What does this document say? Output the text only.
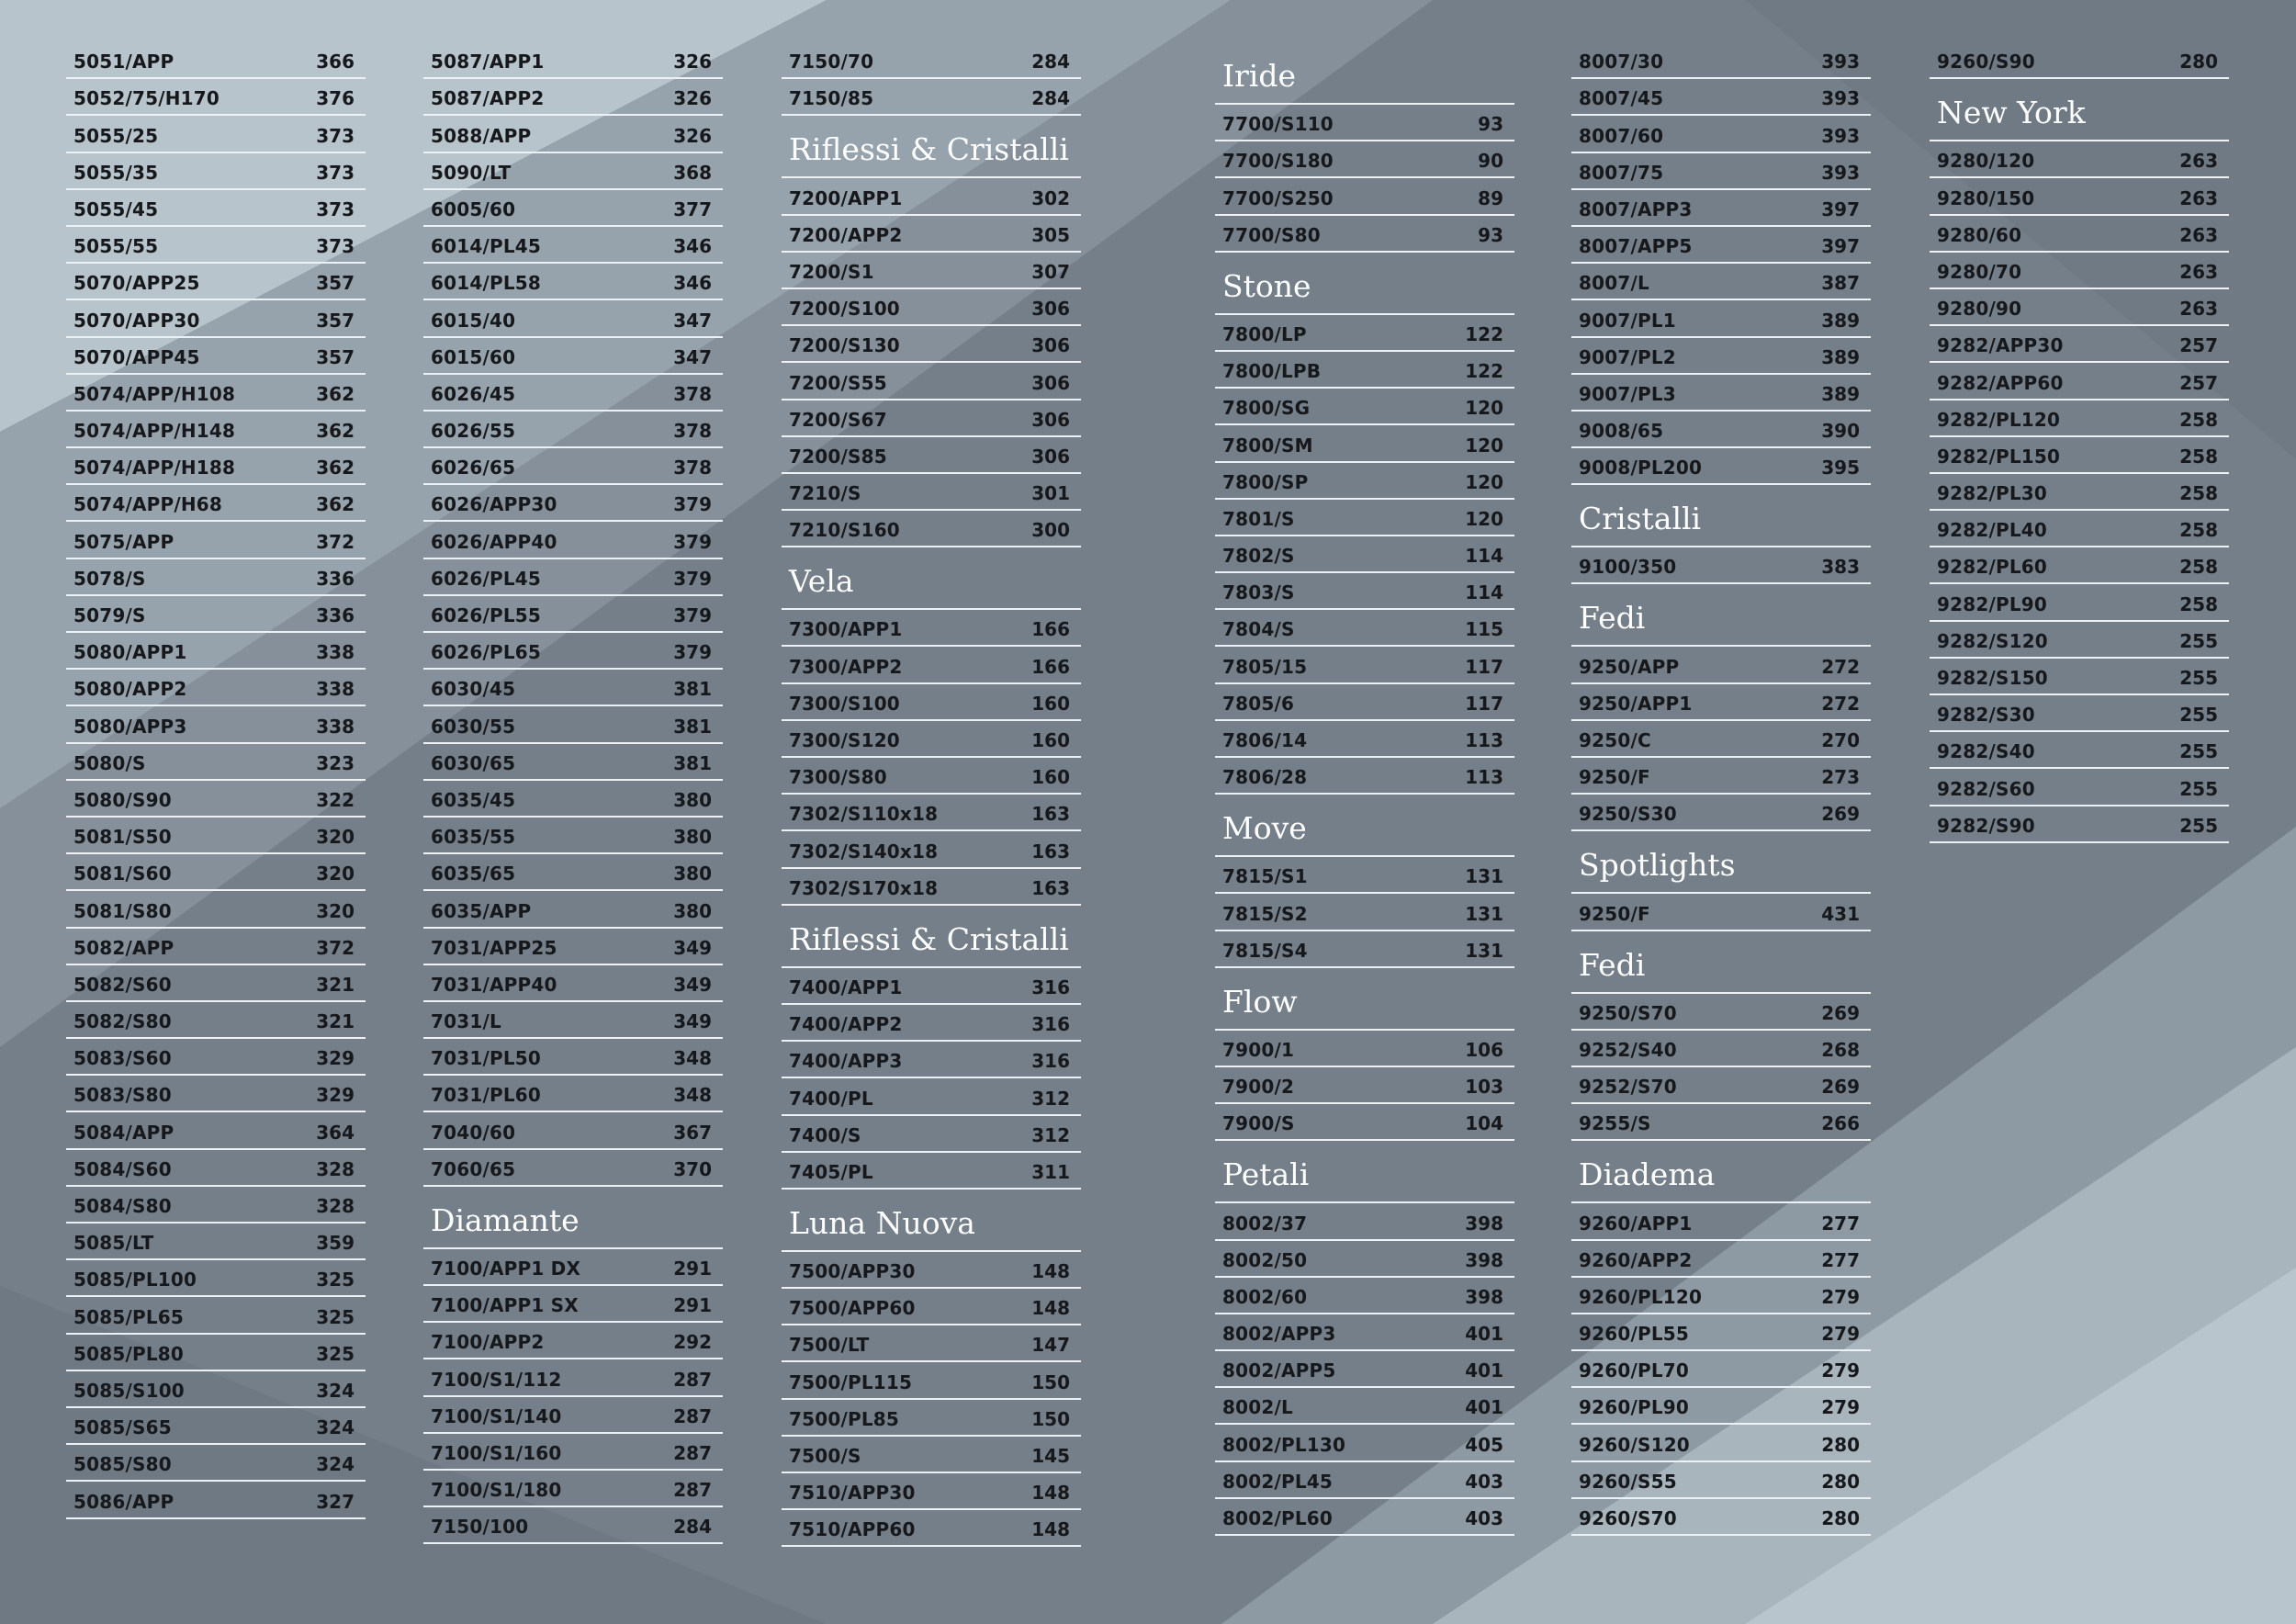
5051/APP	366
5052/75/H170	376
5055/25	373
5055/35	373
5055/45	373
5055/55	373
5070/APP25	357
5070/APP30	357
5070/APP45	357
5074/APP/H108	362
5074/APP/H148	362
5074/APP/H188	362
5074/APP/H68	362
5075/APP	372
5078/S	336
5079/S	336
5080/APP1	338
5080/APP2	338
5080/APP3	338
5080/S	323
5080/S90	322
5081/S50	320
5081/S60	320
5081/S80	320
5082/APP	372
5082/S60	321
5082/S80	321
5083/S60	329
5083/S80	329
5084/APP	364
5084/S60	328
5084/S80	328
5085/LT	359
5085/PL100	325
5085/PL65	325
5085/PL80	325
5085/S100	324
5085/S65	324
5085/S80	324
5086/APP	327
5087/APP1	326
5087/APP2	326
5088/APP	326
5090/LT	368
6005/60	377
6014/PL45	346
6014/PL58	346
6015/40	347
6015/60	347
6026/45	378
6026/55	378
6026/65	378
6026/APP30	379
6026/APP40	379
6026/PL45	379
6026/PL55	379
6026/PL65	379
6030/45	381
6030/55	381
6030/65	381
6035/45	380
6035/55	380
6035/65	380
6035/APP	380
7031/APP25	349
7031/APP40	349
7031/L	349
7031/PL50	348
7031/PL60	348
7040/60	367
7060/65	370
Diamante
7100/APP1 DX	291
7100/APP1 SX	291
7100/APP2	292
7100/S1/112	287
7100/S1/140	287
7100/S1/160	287
7100/S1/180	287
7150/100	284
7150/70	284
7150/85	284
Riflessi & Cristalli
7200/APP1	302
7200/APP2	305
7200/S1	307
7200/S100	306
7200/S130	306
7200/S55	306
7200/S67	306
7200/S85	306
7210/S	301
7210/S160	300
Vela
7300/APP1	166
7300/APP2	166
7300/S100	160
7300/S120	160
7300/S80	160
7302/S110x18	163
7302/S140x18	163
7302/S170x18	163
Riflessi & Cristalli
7400/APP1	316
7400/APP2	316
7400/APP3	316
7400/PL	312
7400/S	312
7405/PL	311
Luna Nuova
7500/APP30	148
7500/APP60	148
7500/LT	147
7500/PL115	150
7500/PL85	150
7500/S	145
7510/APP30	148
7510/APP60	148
Iride
7700/S110	93
7700/S180	90
7700/S250	89
7700/S80	93
Stone
7800/LP	122
7800/LPB	122
7800/SG	120
7800/SM	120
7800/SP	120
7801/S	120
7802/S	114
7803/S	114
7804/S	115
7805/15	117
7805/6	117
7806/14	113
7806/28	113
Move
7815/S1	131
7815/S2	131
7815/S4	131
Flow
7900/1	106
7900/2	103
7900/S	104
Petali
8002/37	398
8002/50	398
8002/60	398
8002/APP3	401
8002/APP5	401
8002/L	401
8002/PL130	405
8002/PL45	403
8002/PL60	403
8007/30	393
8007/45	393
8007/60	393
8007/75	393
8007/APP3	397
8007/APP5	397
8007/L	387
9007/PL1	389
9007/PL2	389
9007/PL3	389
9008/65	390
9008/PL200	395
Cristalli
9100/350	383
Fedi
9250/APP	272
9250/APP1	272
9250/C	270
9250/F	273
9250/S30	269
Spotlights
9250/F	431
Fedi
9250/S70	269
9252/S40	268
9252/S70	269
9255/S	266
Diadema
9260/APP1	277
9260/APP2	277
9260/PL120	279
9260/PL55	279
9260/PL70	279
9260/PL90	279
9260/S120	280
9260/S55	280
9260/S70	280
9260/S90	280
New York
9280/120	263
9280/150	263
9280/60	263
9280/70	263
9280/90	263
9282/APP30	257
9282/APP60	257
9282/PL120	258
9282/PL150	258
9282/PL30	258
9282/PL40	258
9282/PL60	258
9282/PL90	258
9282/S120	255
9282/S150	255
9282/S30	255
9282/S40	255
9282/S60	255
9282/S90	255
